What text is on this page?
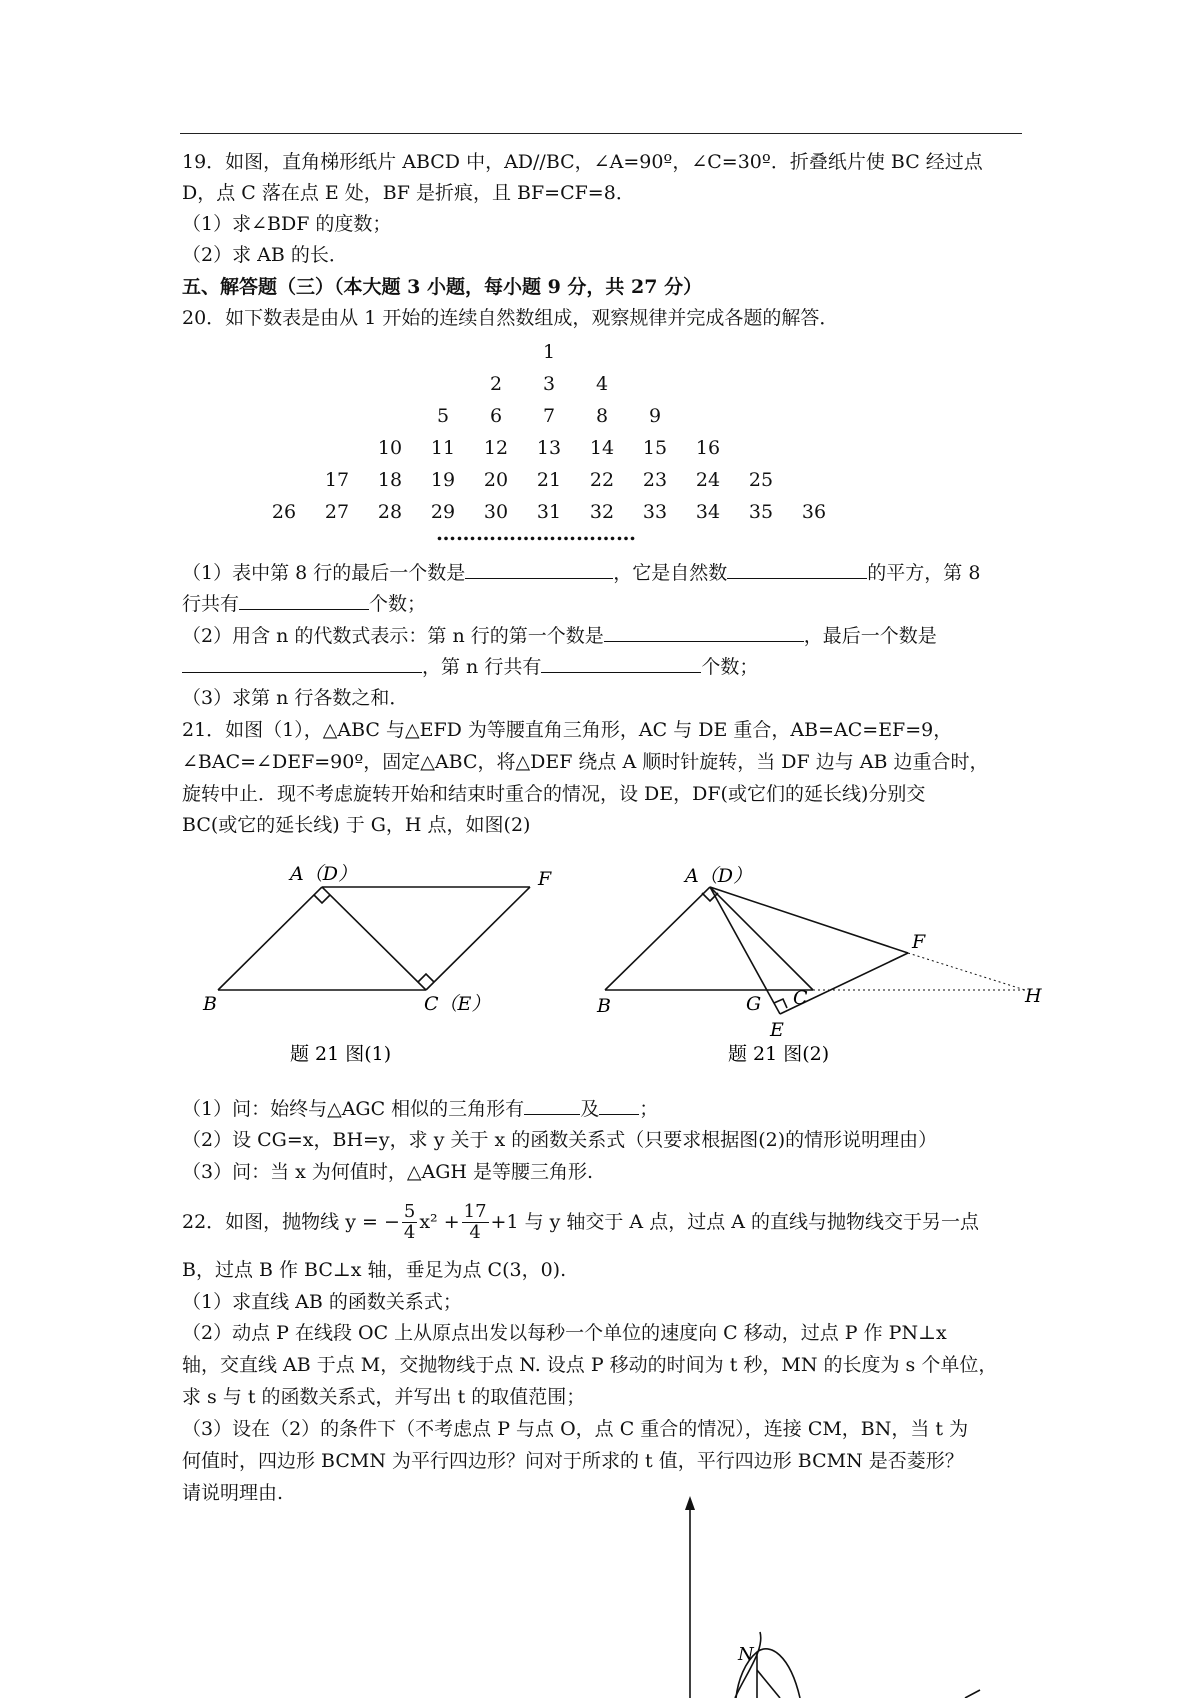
19．如图，直角梯形纸片 ABCD 中，AD//BC，∠A=90º，∠C=30º．折叠纸片使 BC 经过点
D，点 C 落在点 E 处，BF 是折痕，且 BF=CF=8．
（1）求∠BDF 的度数；
（2）求 AB 的长．
五、解答题（三）（本大题 3 小题，每小题 9 分，共 27 分）
20．如下数表是由从 1 开始的连续自然数组成，观察规律并完成各题的解答．
1
2 3 4
5 6 7 8 9
10 11 12 13 14 15 16
17 18 19 20 21 22 23 24 25
26 27 28 29 30 31 32 33 34 35 36
…………………………
（1）表中第 8 行的最后一个数是	，它是自然数	的平方，第 8
行共有	个数；
（2）用含 n 的代数式表示：第 n 行的第一个数是	，最后一个数是
，第 n 行共有	个数；
（3）求第 n 行各数之和．
21．如图（1），△ABC 与△EFD 为等腰直角三角形，AC 与 DE 重合，AB=AC=EF=9，
∠BAC=∠DEF=90º，固定△ABC，将△DEF 绕点 A 顺时针旋转，当 DF 边与 AB 边重合时，
旋转中止．现不考虑旋转开始和结束时重合的情况，设 DE，DF(或它们的延长线)分别交
BC(或它的延长线) 于 G，H 点，如图(2)
A（D）	F
B	C（E）
题 21 图(1)
A（D）
F
B	G C
E
H
题 21 图(2)
N
（1）问：始终与△AGC 相似的三角形有	及 ；
（2）设 CG=x，BH=y，求 y 关于 x 的函数关系式（只要求根据图(2)的情形说明理由）
（3）问：当 x 为何值时，△AGH 是等腰三角形.
22．如图，抛物线 y = − $\frac{5}{4} x^2 + \frac{17}{4} +1$ 与 y 轴交于 A 点，过点 A 的直线与抛物线交于另一点
B，过点 B 作 BC⊥x 轴，垂足为点 C(3，0).
（1）求直线 AB 的函数关系式；
（2）动点 P 在线段 OC 上从原点出发以每秒一个单位的速度向 C 移动，过点 P 作 PN⊥x
轴，交直线 AB 于点 M，交抛物线于点 N. 设点 P 移动的时间为 t 秒，MN 的长度为 s 个单位，
求 s 与 t 的函数关系式，并写出 t 的取值范围；
（3）设在（2）的条件下（不考虑点 P 与点 O，点 C 重合的情况），连接 CM，BN，当 t 为
何值时，四边形 BCMN 为平行四边形？问对于所求的 t 值，平行四边形 BCMN 是否菱形？
请说明理由.
